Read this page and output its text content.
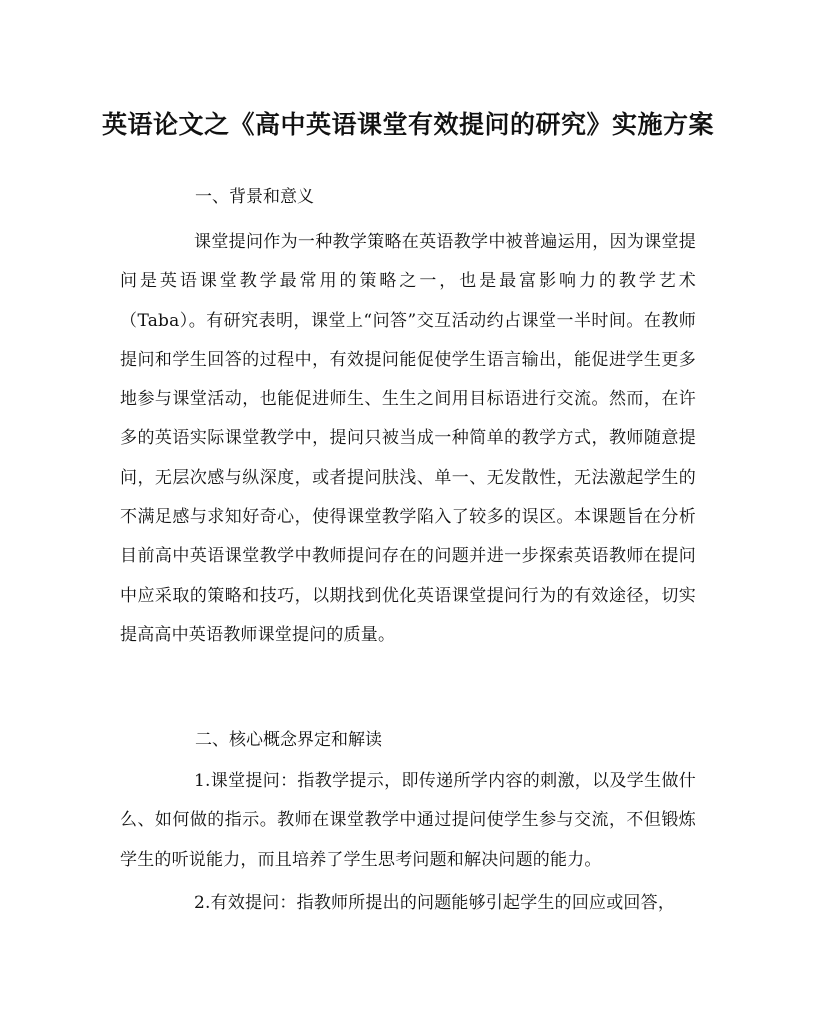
英语论文之《高中英语课堂有效提问的研究》实施方案
一、背景和意义
课堂提问作为一种教学策略在英语教学中被普遍运用，因为课堂提问是英语课堂教学最常用的策略之一，也是最富影响力的教学艺术（Taba）。有研究表明，课堂上“问答”交互活动约占课堂一半时间。在教师提问和学生回答的过程中，有效提问能促使学生语言输出，能促进学生更多地参与课堂活动，也能促进师生、生生之间用目标语进行交流。然而，在许多的英语实际课堂教学中，提问只被当成一种简单的教学方式，教师随意提问，无层次感与纵深度，或者提问肤浅、单一、无发散性，无法激起学生的不满足感与求知好奇心，使得课堂教学陷入了较多的误区。本课题旨在分析目前高中英语课堂教学中教师提问存在的问题并进一步探索英语教师在提问中应采取的策略和技巧，以期找到优化英语课堂提问行为的有效途径，切实提高高中英语教师课堂提问的质量。
二、核心概念界定和解读
1.课堂提问：指教学提示，即传递所学内容的刺激，以及学生做什么、如何做的指示。教师在课堂教学中通过提问使学生参与交流，不但锻炼学生的听说能力，而且培养了学生思考问题和解决问题的能力。
2.有效提问：指教师所提出的问题能够引起学生的回应或回答，
